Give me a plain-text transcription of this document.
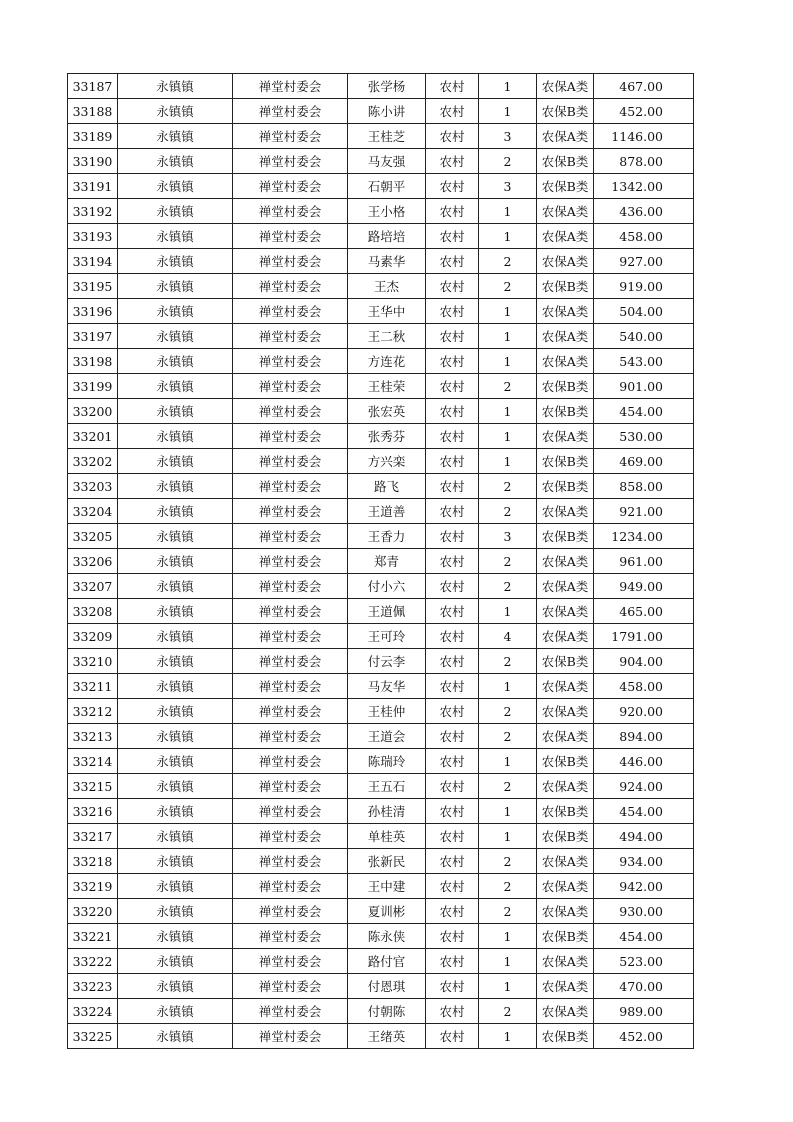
33187	永镇镇	禅堂村委会	张学杨	农村	1	农保A类	467.00
33188	永镇镇	禅堂村委会	陈小讲	农村	1	农保B类	452.00
33189	永镇镇	禅堂村委会	王桂芝	农村	3	农保A类	1146.00
33190	永镇镇	禅堂村委会	马友强	农村	2	农保B类	878.00
33191	永镇镇	禅堂村委会	石朝平	农村	3	农保B类	1342.00
33192	永镇镇	禅堂村委会	王小格	农村	1	农保A类	436.00
33193	永镇镇	禅堂村委会	路培培	农村	1	农保A类	458.00
33194	永镇镇	禅堂村委会	马素华	农村	2	农保A类	927.00
33195	永镇镇	禅堂村委会	王杰	农村	2	农保B类	919.00
33196	永镇镇	禅堂村委会	王华中	农村	1	农保A类	504.00
33197	永镇镇	禅堂村委会	王二秋	农村	1	农保A类	540.00
33198	永镇镇	禅堂村委会	方连花	农村	1	农保A类	543.00
33199	永镇镇	禅堂村委会	王桂荣	农村	2	农保B类	901.00
33200	永镇镇	禅堂村委会	张宏英	农村	1	农保B类	454.00
33201	永镇镇	禅堂村委会	张秀芬	农村	1	农保A类	530.00
33202	永镇镇	禅堂村委会	方兴栾	农村	1	农保B类	469.00
33203	永镇镇	禅堂村委会	路飞	农村	2	农保B类	858.00
33204	永镇镇	禅堂村委会	王道善	农村	2	农保A类	921.00
33205	永镇镇	禅堂村委会	王香力	农村	3	农保B类	1234.00
33206	永镇镇	禅堂村委会	郑青	农村	2	农保A类	961.00
33207	永镇镇	禅堂村委会	付小六	农村	2	农保A类	949.00
33208	永镇镇	禅堂村委会	王道佩	农村	1	农保A类	465.00
33209	永镇镇	禅堂村委会	王可玲	农村	4	农保A类	1791.00
33210	永镇镇	禅堂村委会	付云李	农村	2	农保B类	904.00
33211	永镇镇	禅堂村委会	马友华	农村	1	农保A类	458.00
33212	永镇镇	禅堂村委会	王桂仲	农村	2	农保A类	920.00
33213	永镇镇	禅堂村委会	王道会	农村	2	农保A类	894.00
33214	永镇镇	禅堂村委会	陈瑞玲	农村	1	农保B类	446.00
33215	永镇镇	禅堂村委会	王五石	农村	2	农保A类	924.00
33216	永镇镇	禅堂村委会	孙桂清	农村	1	农保B类	454.00
33217	永镇镇	禅堂村委会	单桂英	农村	1	农保B类	494.00
33218	永镇镇	禅堂村委会	张新民	农村	2	农保A类	934.00
33219	永镇镇	禅堂村委会	王中建	农村	2	农保A类	942.00
33220	永镇镇	禅堂村委会	夏训彬	农村	2	农保A类	930.00
33221	永镇镇	禅堂村委会	陈永侠	农村	1	农保B类	454.00
33222	永镇镇	禅堂村委会	路付官	农村	1	农保A类	523.00
33223	永镇镇	禅堂村委会	付恩琪	农村	1	农保A类	470.00
33224	永镇镇	禅堂村委会	付朝陈	农村	2	农保A类	989.00
33225	永镇镇	禅堂村委会	王绪英	农村	1	农保B类	452.00
